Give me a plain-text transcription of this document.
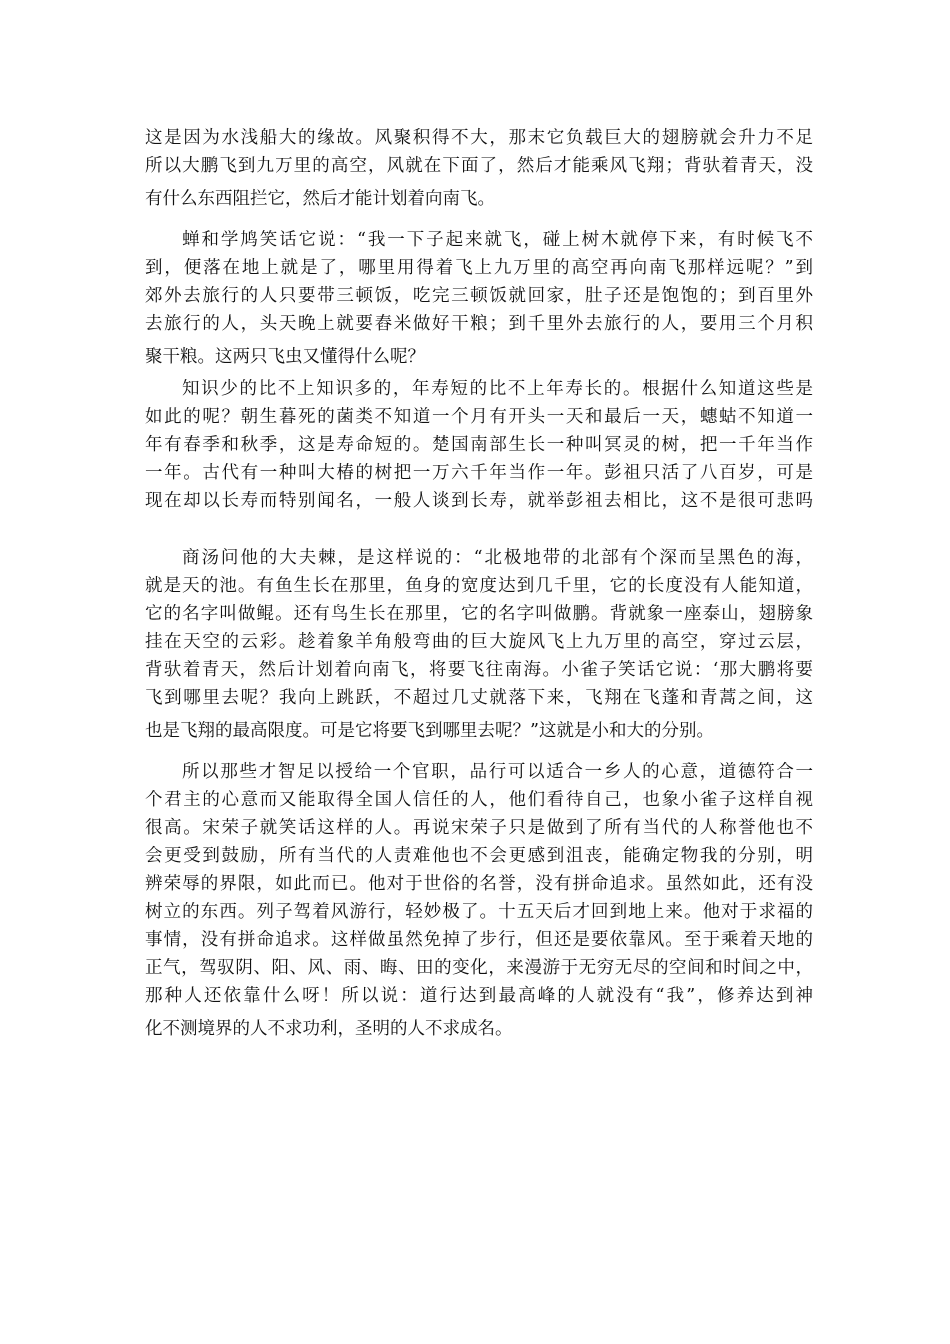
这是因为水浅船大的缘故。风聚积得不大，那末它负载巨大的翅膀就会升力不足
所以大鹏飞到九万里的高空，风就在下面了，然后才能乘风飞翔；背驮着青天，没
有什么东西阻拦它，然后才能计划着向南飞。
蝉和学鸠笑话它说：“我一下子起来就飞，碰上树木就停下来，有时候飞不
到，便落在地上就是了，哪里用得着飞上九万里的高空再向南飞那样远呢？”到
郊外去旅行的人只要带三顿饭，吃完三顿饭就回家，肚子还是饱饱的；到百里外
去旅行的人，头天晚上就要舂米做好干粮；到千里外去旅行的人，要用三个月积
聚干粮。这两只飞虫又懂得什么呢？
知识少的比不上知识多的，年寿短的比不上年寿长的。根据什么知道这些是
如此的呢？朝生暮死的菌类不知道一个月有开头一天和最后一天，蟪蛄不知道一
年有春季和秋季，这是寿命短的。楚国南部生长一种叫冥灵的树，把一千年当作
一年。古代有一种叫大椿的树把一万六千年当作一年。彭祖只活了八百岁，可是
现在却以长寿而特别闻名，一般人谈到长寿，就举彭祖去相比，这不是很可悲吗
商汤问他的大夫棘，是这样说的：“北极地带的北部有个深而呈黑色的海，
就是天的池。有鱼生长在那里，鱼身的宽度达到几千里，它的长度没有人能知道，
它的名字叫做鲲。还有鸟生长在那里，它的名字叫做鹏。背就象一座泰山，翅膀象
挂在天空的云彩。趁着象羊角般弯曲的巨大旋风飞上九万里的高空，穿过云层，
背驮着青天，然后计划着向南飞，将要飞往南海。小雀子笑话它说：‘那大鹏将要
飞到哪里去呢？我向上跳跃，不超过几丈就落下来，飞翔在飞蓬和青蒿之间，这
也是飞翔的最高限度。可是它将要飞到哪里去呢？”这就是小和大的分别。
所以那些才智足以授给一个官职，品行可以适合一乡人的心意，道德符合一
个君主的心意而又能取得全国人信任的人，他们看待自己，也象小雀子这样自视
很高。宋荣子就笑话这样的人。再说宋荣子只是做到了所有当代的人称誉他也不
会更受到鼓励，所有当代的人责难他也不会更感到沮丧，能确定物我的分别，明
辨荣辱的界限，如此而已。他对于世俗的名誉，没有拼命追求。虽然如此，还有没
树立的东西。列子驾着风游行，轻妙极了。十五天后才回到地上来。他对于求福的
事情，没有拼命追求。这样做虽然免掉了步行，但还是要依靠风。至于乘着天地的
正气，驾驭阴、阳、风、雨、晦、田的变化，来漫游于无穷无尽的空间和时间之中，
那种人还依靠什么呀！所以说：道行达到最高峰的人就没有“我”，修养达到神
化不测境界的人不求功利，圣明的人不求成名。
